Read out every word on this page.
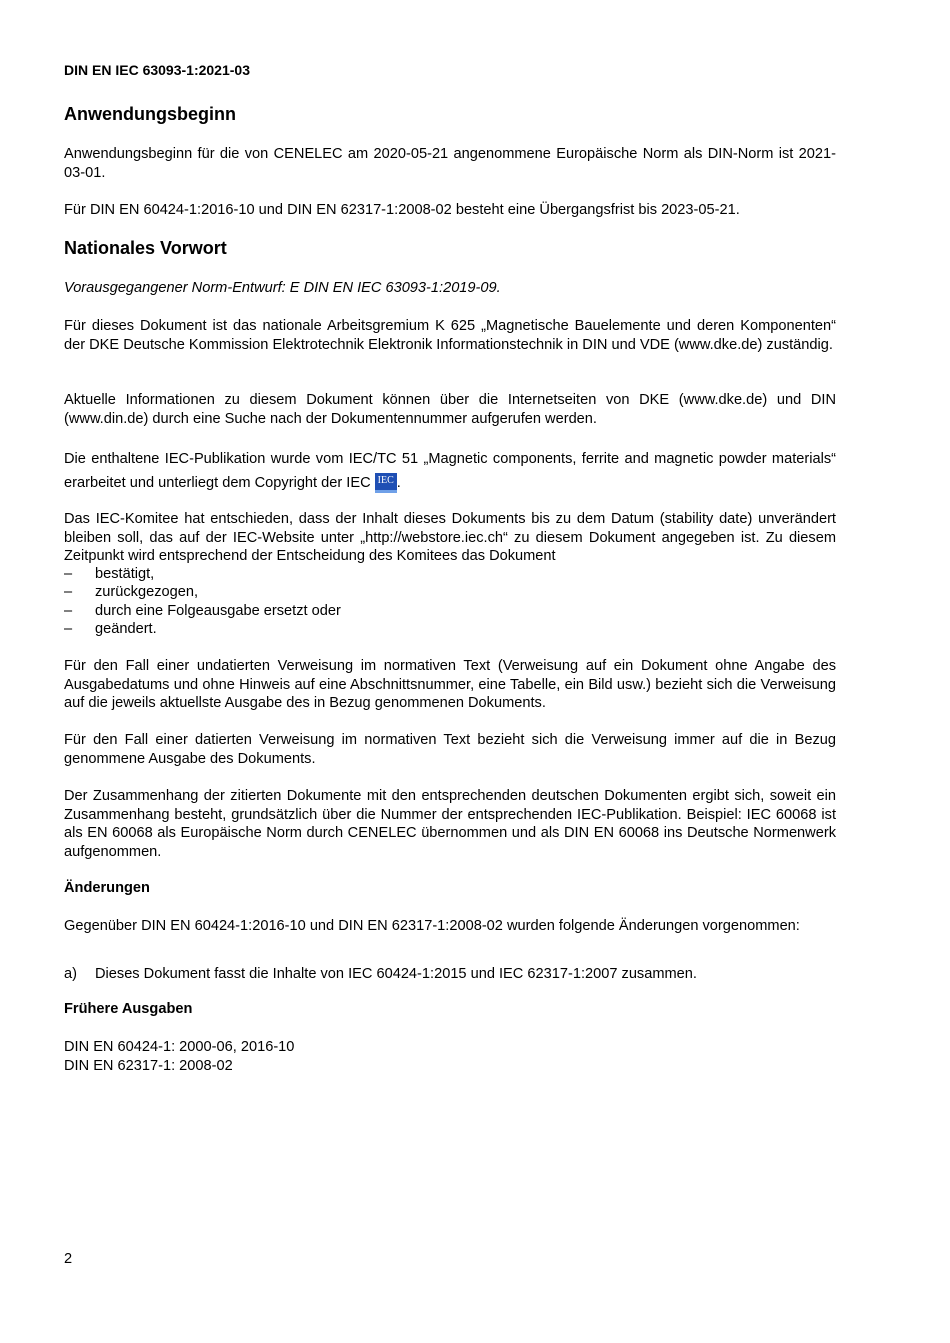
DIN EN IEC 63093-1:2021-03
Anwendungsbeginn
Anwendungsbeginn für die von CENELEC am 2020-05-21 angenommene Europäische Norm als DIN-Norm ist 2021-03-01.
Für DIN EN 60424-1:2016-10 und DIN EN 62317-1:2008-02 besteht eine Übergangsfrist bis 2023-05-21.
Nationales Vorwort
Vorausgegangener Norm-Entwurf: E DIN EN IEC 63093-1:2019-09.
Für dieses Dokument ist das nationale Arbeitsgremium K 625 „Magnetische Bauelemente und deren Komponenten“ der DKE Deutsche Kommission Elektrotechnik Elektronik Informationstechnik in DIN und VDE (www.dke.de) zuständig.
Aktuelle Informationen zu diesem Dokument können über die Internetseiten von DKE (www.dke.de) und DIN (www.din.de) durch eine Suche nach der Dokumentennummer aufgerufen werden.
Die enthaltene IEC-Publikation wurde vom IEC/TC 51 „Magnetic components, ferrite and magnetic powder materials“ erarbeitet und unterliegt dem Copyright der IEC IEC .
Das IEC-Komitee hat entschieden, dass der Inhalt dieses Dokuments bis zu dem Datum (stability date) unverändert bleiben soll, das auf der IEC-Website unter „http://webstore.iec.ch“ zu diesem Dokument angegeben ist. Zu diesem Zeitpunkt wird entsprechend der Entscheidung des Komitees das Dokument
– bestätigt,
– zurückgezogen,
– durch eine Folgeausgabe ersetzt oder
– geändert.
Für den Fall einer undatierten Verweisung im normativen Text (Verweisung auf ein Dokument ohne Angabe des Ausgabedatums und ohne Hinweis auf eine Abschnittsnummer, eine Tabelle, ein Bild usw.) bezieht sich die Verweisung auf die jeweils aktuellste Ausgabe des in Bezug genommenen Dokuments.
Für den Fall einer datierten Verweisung im normativen Text bezieht sich die Verweisung immer auf die in Bezug genommene Ausgabe des Dokuments.
Der Zusammenhang der zitierten Dokumente mit den entsprechenden deutschen Dokumenten ergibt sich, soweit ein Zusammenhang besteht, grundsätzlich über die Nummer der entsprechenden IEC-Publikation. Beispiel: IEC 60068 ist als EN 60068 als Europäische Norm durch CENELEC übernommen und als DIN EN 60068 ins Deutsche Normenwerk aufgenommen.
Änderungen
Gegenüber DIN EN 60424-1:2016-10 und DIN EN 62317-1:2008-02 wurden folgende Änderungen vorgenommen:
a) Dieses Dokument fasst die Inhalte von IEC 60424-1:2015 und IEC 62317-1:2007 zusammen.
Frühere Ausgaben
DIN EN 60424-1: 2000-06, 2016-10
DIN EN 62317-1: 2008-02
2
